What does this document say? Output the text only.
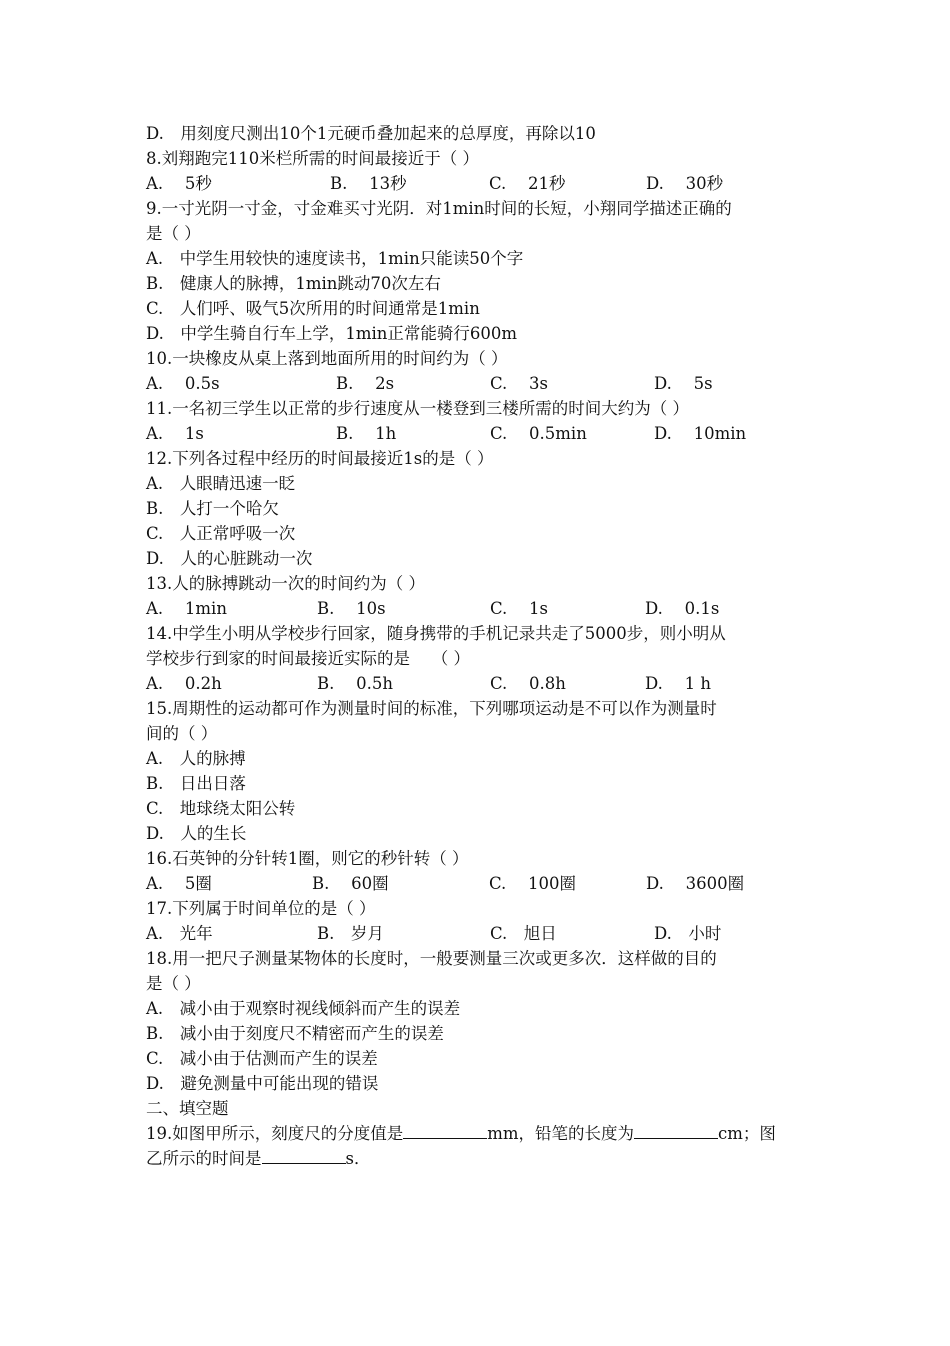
D.　用刻度尺测出10个1元硬币叠加起来的总厚度，再除以10
8.刘翔跑完110米栏所需的时间最接近于（ ）
A.　 5秒	B.　 13秒	C.　 21秒	D.　 30秒
9.一寸光阴一寸金，寸金难买寸光阴．对1min时间的长短，小翔同学描述正确的
是（ ）
A.　中学生用较快的速度读书，1min只能读50个字
B.　健康人的脉搏，1min跳动70次左右
C.　人们呼、吸气5次所用的时间通常是1min
D.　中学生骑自行车上学，1min正常能骑行600m
10.一块橡皮从桌上落到地面所用的时间约为（ ）
A.　 0.5s	B.　 2s	C.　 3s	D.　 5s
11.一名初三学生以正常的步行速度从一楼登到三楼所需的时间大约为（ ）
A.　 1s	B.　 1h	C.　 0.5min	D.　 10min
12.下列各过程中经历的时间最接近1s的是（ ）
A.　人眼睛迅速一眨
B.　人打一个哈欠
C.　人正常呼吸一次
D.　人的心脏跳动一次
13.人的脉搏跳动一次的时间约为（ ）
A.　 1min	B.　 10s	C.　 1s	D.　 0.1s
14.中学生小明从学校步行回家，随身携带的手机记录共走了5000步，则小明从
学校步行到家的时间最接近实际的是　 （ ）
A.　 0.2h	B.　 0.5h	C.　 0.8h	D.　 1 h
15.周期性的运动都可作为测量时间的标准，下列哪项运动是不可以作为测量时
间的（ ）
A.　人的脉搏
B.　日出日落
C.　地球绕太阳公转
D.　人的生长
16.石英钟的分针转1圈，则它的秒针转（ ）
A.　 5圈	B.　 60圈	C.　 100圈	D.　 3600圈
17.下列属于时间单位的是（ ）
A.　光年	B.　岁月	C.　旭日	D.　小时
18.用一把尺子测量某物体的长度时，一般要测量三次或更多次．这样做的目的
是（ ）
A.　减小由于观察时视线倾斜而产生的误差
B.　减小由于刻度尺不精密而产生的误差
C.　减小由于估测而产生的误差
D.　避免测量中可能出现的错误
二、填空题
19.如图甲所示，刻度尺的分度值是	mm，铅笔的长度为	cm；图
乙所示的时间是	s．
